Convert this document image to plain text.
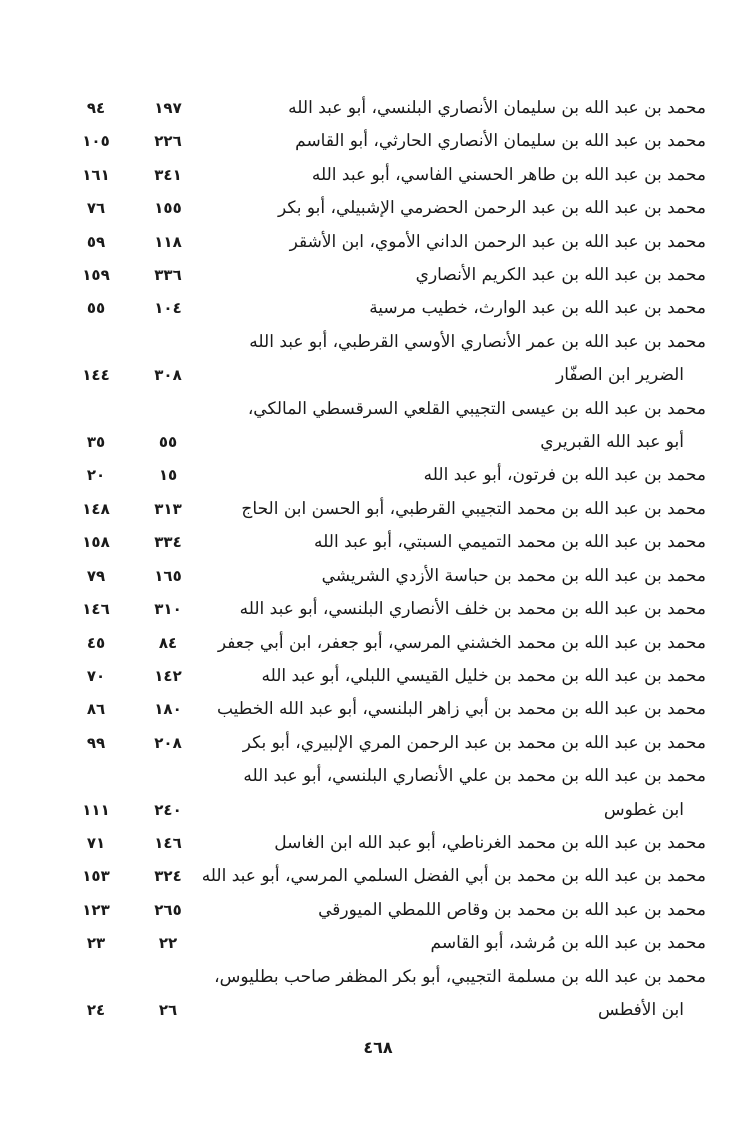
محمد بن عبد الله بن سليمان الأنصاري البلنسي، أبو عبد الله
١٩٧
٩٤
محمد بن عبد الله بن سليمان الأنصاري الحارثي، أبو القاسم
٢٢٦
١٠٥
محمد بن عبد الله بن طاهر الحسني الفاسي، أبو عبد الله
٣٤١
١٦١
محمد بن عبد الله بن عبد الرحمن الحضرمي الإشبيلي، أبو بكر
١٥٥
٧٦
محمد بن عبد الله بن عبد الرحمن الداني الأموي، ابن الأشقر
١١٨
٥٩
محمد بن عبد الله بن عبد الكريم الأنصاري
٣٣٦
١٥٩
محمد بن عبد الله بن عبد الوارث، خطيب مرسية
١٠٤
٥٥
محمد بن عبد الله بن عمر الأنصاري الأوسي القرطبي، أبو عبد الله
الضرير ابن الصفّار
٣٠٨
١٤٤
محمد بن عبد الله بن عيسى التجيبي القلعي السرقسطي المالكي،
أبو عبد الله القبريري
٥٥
٣٥
محمد بن عبد الله بن فرتون، أبو عبد الله
١٥
٢٠
محمد بن عبد الله بن محمد التجيبي القرطبي، أبو الحسن ابن الحاج
٣١٣
١٤٨
محمد بن عبد الله بن محمد التميمي السبتي، أبو عبد الله
٣٣٤
١٥٨
محمد بن عبد الله بن محمد بن حباسة الأزدي الشريشي
١٦٥
٧٩
محمد بن عبد الله بن محمد بن خلف الأنصاري البلنسي، أبو عبد الله
٣١٠
١٤٦
محمد بن عبد الله بن محمد الخشني المرسي، أبو جعفر، ابن أبي جعفر
٨٤
٤٥
محمد بن عبد الله بن محمد بن خليل القيسي اللبلي، أبو عبد الله
١٤٢
٧٠
محمد بن عبد الله بن محمد بن أبي زاهر البلنسي، أبو عبد الله الخطيب
١٨٠
٨٦
محمد بن عبد الله بن محمد بن عبد الرحمن المري الإلبيري، أبو بكر
٢٠٨
٩٩
محمد بن عبد الله بن محمد بن علي الأنصاري البلنسي، أبو عبد الله
ابن غطوس
٢٤٠
١١١
محمد بن عبد الله بن محمد الغرناطي، أبو عبد الله ابن الغاسل
١٤٦
٧١
محمد بن عبد الله بن محمد بن أبي الفضل السلمي المرسي، أبو عبد الله
٣٢٤
١٥٣
محمد بن عبد الله بن محمد بن وقاص اللمطي الميورقي
٢٦٥
١٢٣
محمد بن عبد الله بن مُرشد، أبو القاسم
٢٢
٢٣
محمد بن عبد الله بن مسلمة التجيبي، أبو بكر المظفر صاحب بطليوس،
ابن الأفطس
٢٦
٢٤
٤٦٨
